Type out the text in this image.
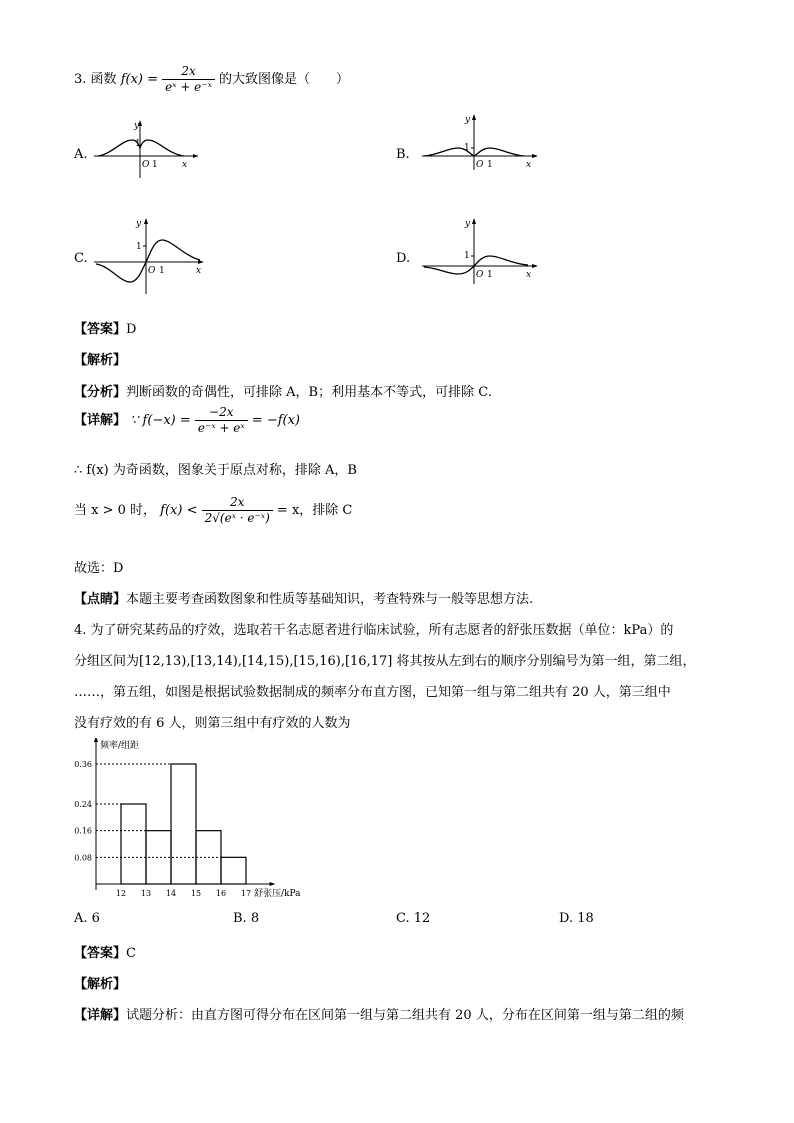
3. 函数 $f(x) = \frac{2x}{\text{eˣ + e⁻ˣ}}$ 的大致图像是（　　）
A.	B.
C.	D.
y
1
O 1	x
y
1
O 1	x
y
1
O 1	x
y
1
O 1	x
【答案】D
【解析】
【分析】判断函数的奇偶性，可排除 A，B；利用基本不等式，可排除 C.
【详解】 ∵ $f(-x) = \frac{-2x}{\text{e⁻ˣ + eˣ}} = -f(x)$
∴ f(x) 为奇函数，图象关于原点对称，排除 A，B
当 x > 0 时， $f(x) < \frac{2x}{\text{2√(eˣ · e⁻ˣ)}} = x$，排除 C
故选：D
【点睛】本题主要考查函数图象和性质等基础知识，考查特殊与一般等思想方法.
4. 为了研究某药品的疗效，选取若干名志愿者进行临床试验，所有志愿者的舒张压数据（单位：kPa）的
分组区间为[12,13),[13,14),[14,15),[15,16),[16,17] 将其按从左到右的顺序分别编号为第一组，第二组，
……，第五组，如图是根据试验数据制成的频率分布直方图，已知第一组与第二组共有 20 人，第三组中
没有疗效的有 6 人，则第三组中有疗效的人数为
频率/组距
0.08
0.16
0.24
0.36
12 13 14 15 16 17 舒张压/kPa
A. 6	B. 8	C. 12	D. 18
【答案】C
【解析】
【详解】试题分析：由直方图可得分布在区间第一组与第二组共有 20 人，分布在区间第一组与第二组的频
